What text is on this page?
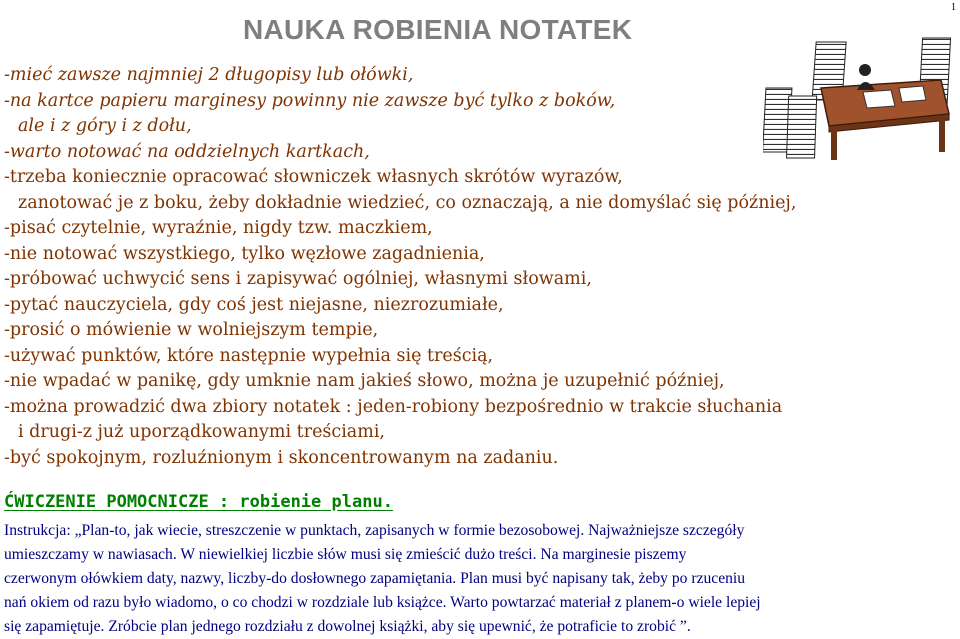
1
NAUKA ROBIENIA NOTATEK
-mieć zawsze najmniej 2 długopisy lub ołówki,
-na kartce papieru marginesy powinny nie zawsze być tylko z boków,
ale i z góry i z dołu,
-warto notować na oddzielnych kartkach,
-trzeba koniecznie opracować słowniczek własnych skrótów wyrazów,
zanotować je z boku, żeby dokładnie wiedzieć, co oznaczają, a nie domyślać się później,
-pisać czytelnie, wyraźnie, nigdy tzw. maczkiem,
-nie notować wszystkiego, tylko węzłowe zagadnienia,
-próbować uchwycić sens i zapisywać ogólniej, własnymi słowami,
-pytać nauczyciela, gdy coś jest niejasne, niezrozumiałe,
-prosić o mówienie w wolniejszym tempie,
-używać punktów, które następnie wypełnia się treścią,
-nie wpadać w panikę, gdy umknie nam jakieś słowo, można je uzupełnić później,
-można prowadzić dwa zbiory notatek : jeden-robiony bezpośrednio w trakcie słuchania
i drugi-z już uporządkowanymi treściami,
-być spokojnym, rozluźnionym i skoncentrowanym na zadaniu.
ĆWICZENIE POMOCNICZE : robienie planu.

Instrukcja: „Plan-to, jak wiecie, streszczenie w punktach, zapisanych w formie bezosobowej. Najważniejsze szczegóły
umieszczamy w nawiasach. W niewielkiej liczbie słów musi się zmieścić dużo treści. Na marginesie piszemy
czerwonym ołówkiem daty, nazwy, liczby-do dosłownego zapamiętania. Plan musi być napisany tak, żeby po rzuceniu
nań okiem od razu było wiadomo, o co chodzi w rozdziale lub książce. Warto powtarzać materiał z planem-o wiele lepiej
się zapamiętuje. Zróbcie plan jednego rozdziału z dowolnej książki, aby się upewnić, że potraficie to zrobić ”.
